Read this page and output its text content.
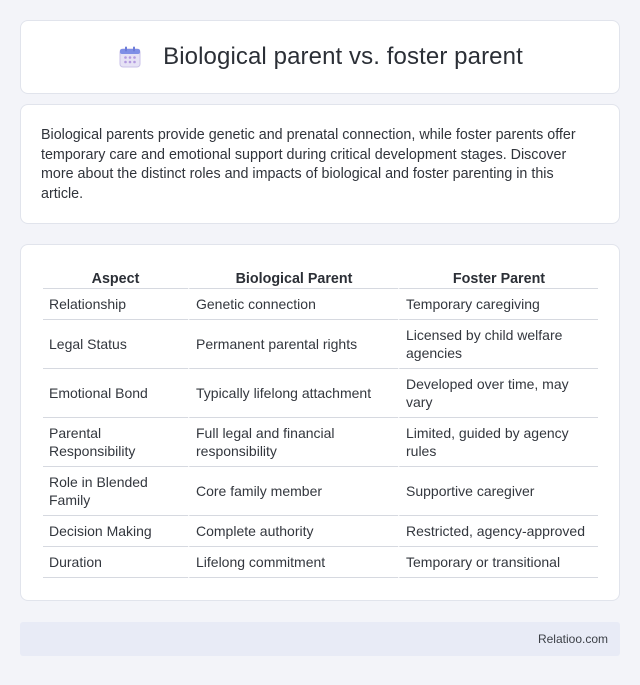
Biological parent vs. foster parent

Biological parents provide genetic and prenatal connection, while foster parents offer temporary care and emotional support during critical development stages. Discover more about the distinct roles and impacts of biological and foster parenting in this article.

Aspect	Biological Parent	Foster Parent
Relationship	Genetic connection	Temporary caregiving
Legal Status	Permanent parental rights	Licensed by child welfare agencies
Emotional Bond	Typically lifelong attachment	Developed over time, may vary
Parental Responsibility	Full legal and financial responsibility	Limited, guided by agency rules
Role in Blended Family	Core family member	Supportive caregiver
Decision Making	Complete authority	Restricted, agency-approved
Duration	Lifelong commitment	Temporary or transitional
Relatioo.com
